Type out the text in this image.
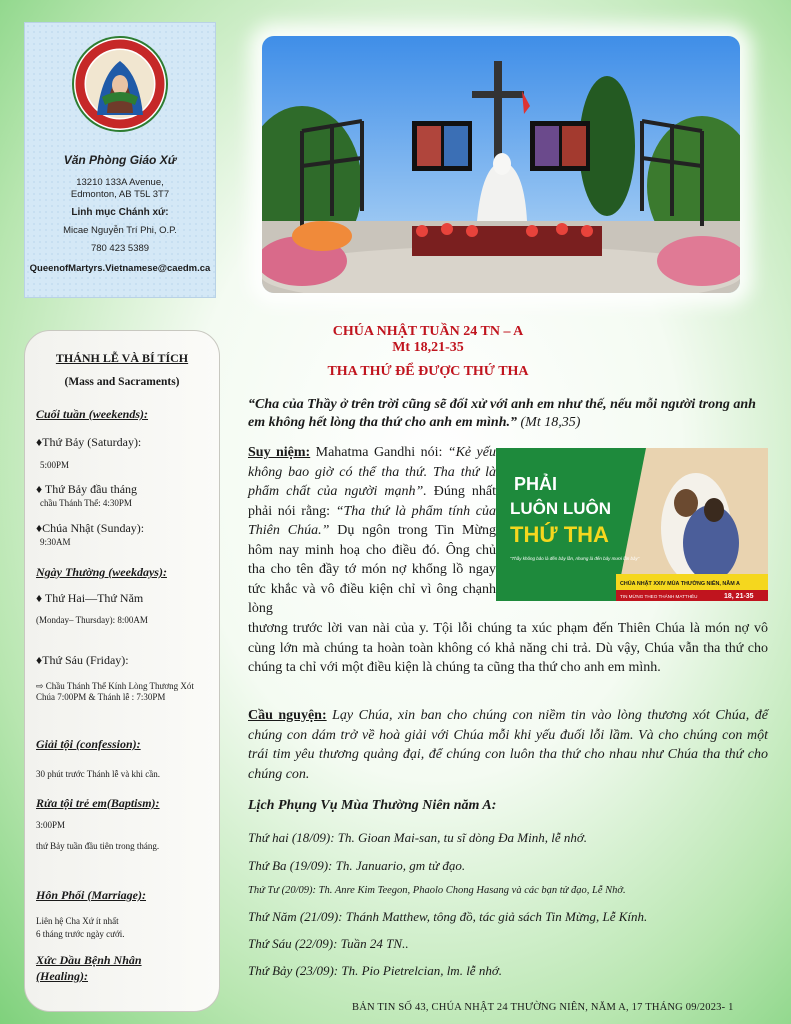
Văn Phòng Giáo Xứ
13210 133A Avenue,
Edmonton, AB T5L 3T7
Linh mục Chánh xứ:
Micae Nguyễn Trí Phi, O.P.
780 423 5389
QueenofMartyrs.Vietnamese@caedm.ca
THÁNH LỄ VÀ BÍ TÍCH
(Mass and Sacraments)
Cuối tuần (weekends):
♦Thứ Bảy (Saturday):
5:00PM
♦ Thứ Bảy đầu tháng
chầu Thánh Thể: 4:30PM
♦Chúa Nhật (Sunday):
9:30AM
Ngày Thường (weekdays):
♦ Thứ Hai—Thứ Năm
(Monday– Thursday): 8:00AM
♦Thứ Sáu (Friday):
⇨ Chầu Thánh Thể Kính Lòng Thương Xót Chúa 7:00PM & Thánh lễ : 7:30PM
Giải tội (confession):
30 phút trước Thánh lễ và khi cần.
Rửa tội trẻ em(Baptism):
3:00PM
thứ Bảy tuần đầu tiên trong tháng.
Hôn Phối (Marriage):
Liên hệ Cha Xứ ít nhất
6 tháng trước ngày cưới.
Xức Dầu Bệnh Nhân
(Healing):
CHÚA NHẬT TUẦN 24 TN – A
Mt 18,21-35
THA THỨ ĐỂ ĐƯỢC THỨ THA
“Cha của Thầy ở trên trời cũng sẽ đối xử với anh em như thế, nếu mỗi người trong anh em không hết lòng tha thứ cho anh em mình.” (Mt 18,35)
Suy niệm: Mahatma Gandhi nói: “Kẻ yếu không bao giờ có thể tha thứ. Tha thứ là phẩm chất của người mạnh”. Đúng nhất phải nói rằng: “Tha thứ là phẩm tính của Thiên Chúa.” Dụ ngôn trong Tin Mừng hôm nay minh hoạ cho điều đó. Ông chủ tha cho tên đầy tớ món nợ khổng lồ ngay tức khắc và vô điều kiện chỉ vì ông chạnh lòng
thương trước lời van nài của y. Tội lỗi chúng ta xúc phạm đến Thiên Chúa là món nợ vô cùng lớn mà chúng ta hoàn toàn không có khả năng chi trả. Dù vậy, Chúa vẫn tha thứ cho chúng ta chỉ với một điều kiện là chúng ta cũng tha thứ cho anh em mình.
Cầu nguyện: Lạy Chúa, xin ban cho chúng con niềm tin vào lòng thương xót Chúa, để chúng con dám trở về hoà giải với Chúa mỗi khi yếu đuối lỗi lầm. Và cho chúng con một trái tim yêu thương quảng đại, để chúng con luôn tha thứ cho nhau như Chúa tha thứ cho chúng con.
PHẢI
LUÔN LUÔN
THỨ THA
“Thầy không bảo là đến bảy lần, nhưng là đến bảy mươi lần bảy”
CHÚA NHẬT XXIV MÙA THƯỜNG NIÊN, NĂM A
TIN MỪNG THEO THÁNH MATTHÊU	18, 21-35
Lịch Phụng Vụ Mùa Thường Niên năm A:
Thứ hai (18/09): Th. Gioan Mai-san, tu sĩ dòng Đa Minh, lễ nhớ.
Thứ Ba (19/09): Th. Januario, gm tử đạo.
Thứ Tư (20/09): Th. Anre Kim Teegon, Phaolo Chong Hasang và các bạn tử đạo, Lễ Nhớ.
Thứ Năm (21/09): Thánh Matthew, tông đồ, tác giả sách Tin Mừng, Lễ Kính.
Thứ Sáu (22/09): Tuần 24 TN..
Thứ Bảy (23/09): Th. Pio Pietrelcian, lm. lễ nhớ.
BẢN TIN SỐ 43, CHÚA NHẬT 24 THƯỜNG NIÊN, NĂM A, 17 THÁNG 09/2023- 1
